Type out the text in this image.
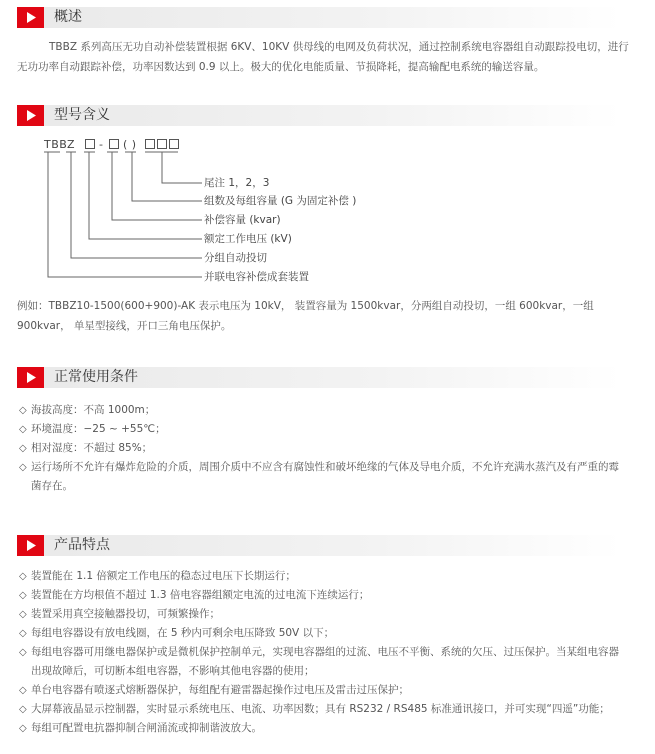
概述
TBBZ 系列高压无功自动补偿装置根据 6KV、10KV 供母线的电网及负荷状况，通过控制系统电容器组自动跟踪投电切，进行无功功率自动跟踪补偿，功率因数达到 0.9 以上。极大的优化电能质量、节损降耗，提高输配电系统的输送容量。
型号含义
TBB Z - ( )
尾注 1，2，3
组数及每组容量 (G 为固定补偿 )
补偿容量 (kvar)
额定工作电压 (kV)
分组自动投切
并联电容补偿成套装置
例如：TBBZ10-1500(600+900)-AK 表示电压为 10kV， 装置容量为 1500kvar，分两组自动投切，一组 600kvar，一组 900kvar， 单星型接线，开口三角电压保护。
正常使用条件
◇ 海拔高度：不高 1000m；
◇ 环境温度：−25 ~ +55℃；
◇ 相对湿度：不超过 85%；
◇ 运行场所不允许有爆炸危险的介质，周围介质中不应含有腐蚀性和破坏绝缘的气体及导电介质，不允许充满水蒸汽及有严重的霉菌存在。
产品特点
◇ 装置能在 1.1 倍额定工作电压的稳态过电压下长期运行；
◇ 装置能在方均根值不超过 1.3 倍电容器组额定电流的过电流下连续运行；
◇ 装置采用真空接触器投切，可频繁操作；
◇ 每组电容器设有放电线圈，在 5 秒内可剩余电压降致 50V 以下；
◇ 每组电容器可用继电器保护或是微机保护控制单元，实现电容器组的过流、电压不平衡、系统的欠压、过压保护。当某组电容器出现故障后，可切断本组电容器，不影响其他电容器的使用；
◇ 单台电容器有喷逐式熔断器保护，每组配有避雷器起操作过电压及雷击过压保护；
◇ 大屏幕液晶显示控制器，实时显示系统电压、电流、功率因数；具有 RS232 / RS485 标准通讯接口，并可实现“四遥”功能；
◇ 每组可配置电抗器抑制合闸涌流或抑制谐波放大。
